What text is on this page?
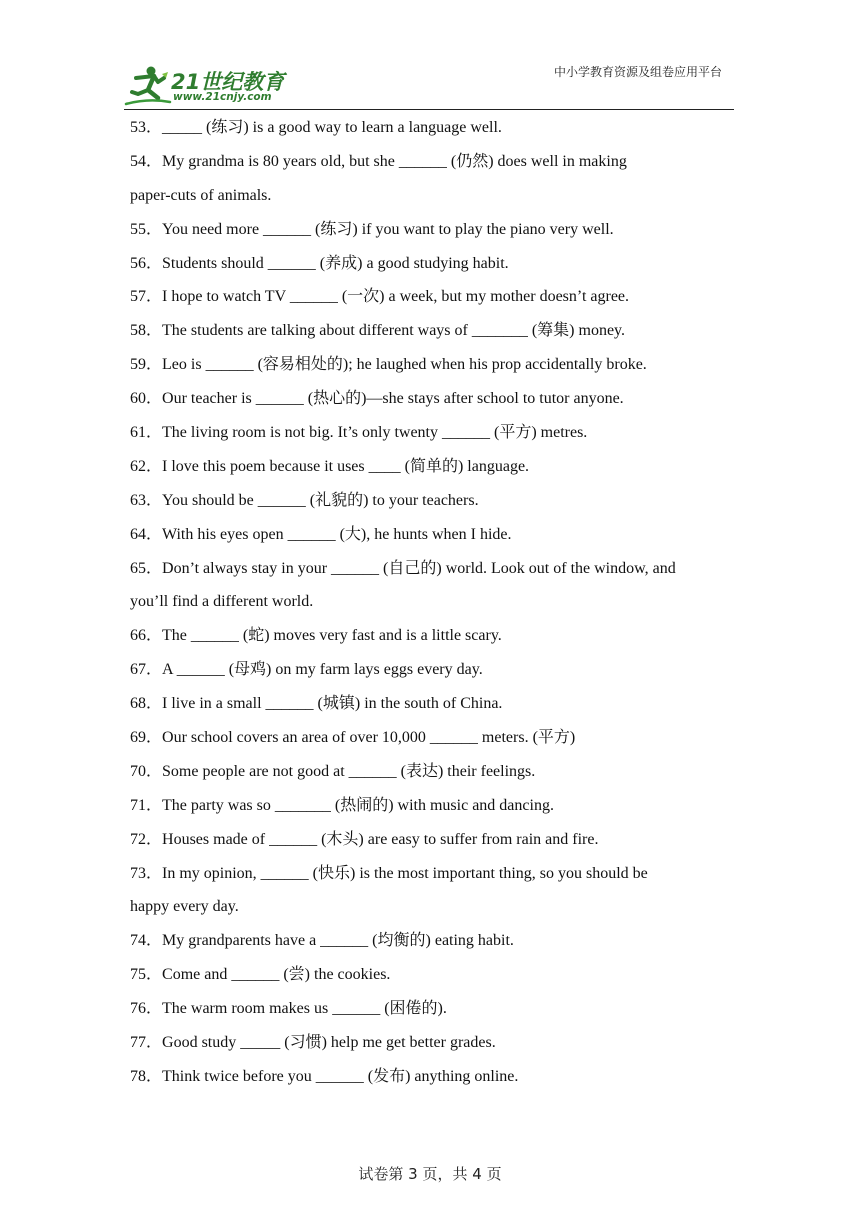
21世纪教育
www.21cnjy.com
中小学教育资源及组卷应用平台
53．_____ (练习) is a good way to learn a language well.
54．My grandma is 80 years old, but she ______ (仍然) does well in making
paper-cuts of animals.
55．You need more ______ (练习) if you want to play the piano very well.
56．Students should ______ (养成) a good studying habit.
57．I hope to watch TV ______ (一次) a week, but my mother doesn’t agree.
58．The students are talking about different ways of _______ (筹集) money.
59．Leo is ______ (容易相处的); he laughed when his prop accidentally broke.
60．Our teacher is ______ (热心的)—she stays after school to tutor anyone.
61．The living room is not big. It’s only twenty ______ (平方) metres.
62．I love this poem because it uses ____ (简单的) language.
63．You should be ______ (礼貌的) to your teachers.
64．With his eyes open ______ (大), he hunts when I hide.
65．Don’t always stay in your ______ (自己的) world. Look out of the window, and
you’ll find a different world.
66．The ______ (蛇) moves very fast and is a little scary.
67．A ______ (母鸡) on my farm lays eggs every day.
68．I live in a small ______ (城镇) in the south of China.
69．Our school covers an area of over 10,000 ______ meters. (平方)
70．Some people are not good at ______ (表达) their feelings.
71．The party was so _______ (热闹的) with music and dancing.
72．Houses made of ______ (木头) are easy to suffer from rain and fire.
73．In my opinion, ______ (快乐) is the most important thing, so you should be
happy every day.
74．My grandparents have a ______ (均衡的) eating habit.
75．Come and ______ (尝) the cookies.
76．The warm room makes us ______ (困倦的).
77．Good study _____ (习惯) help me get better grades.
78．Think twice before you ______ (发布) anything online.
试卷第 3 页，共 4 页
